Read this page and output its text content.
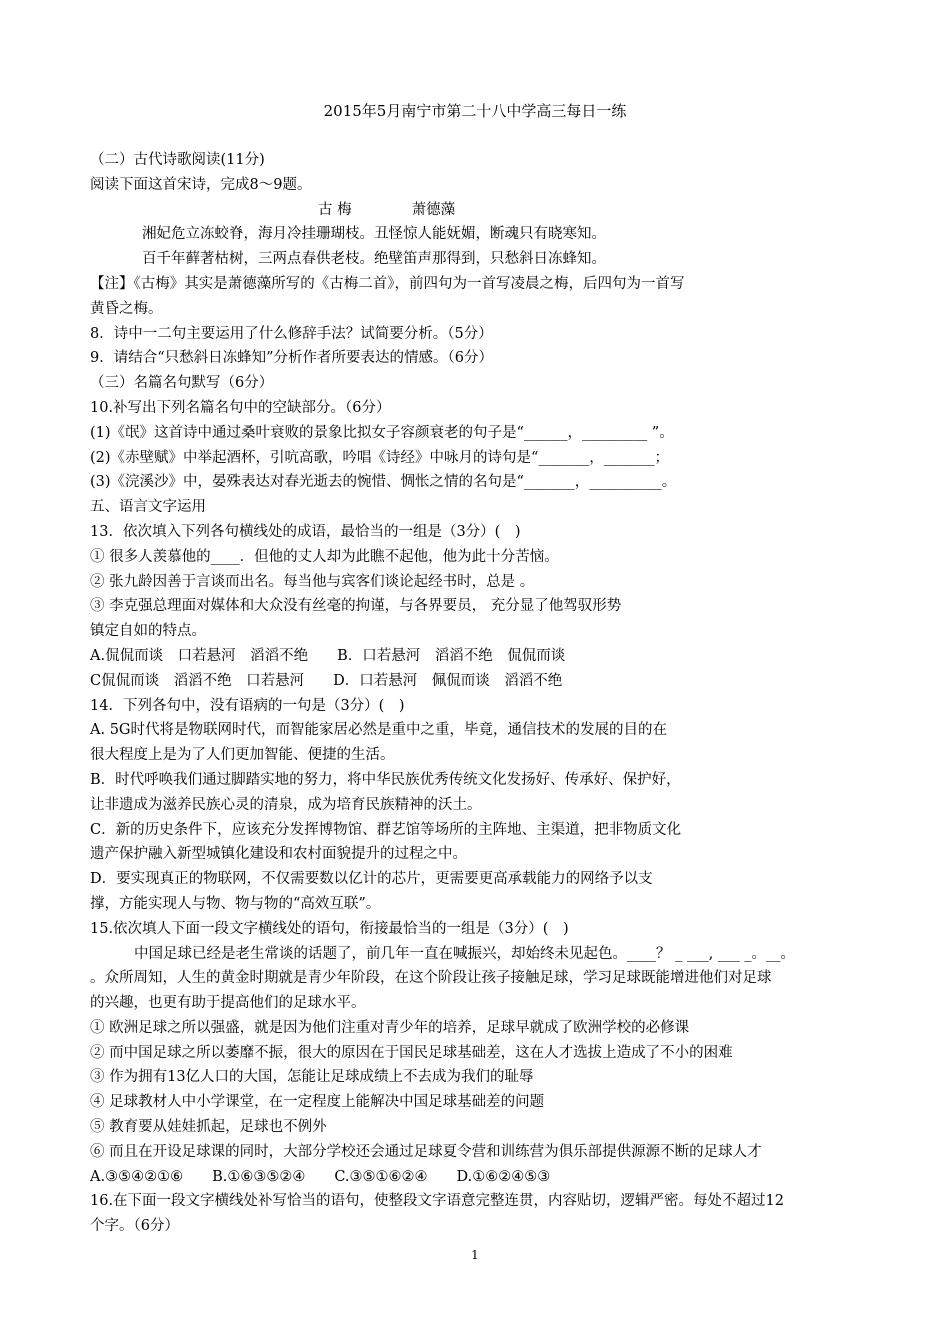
2015年5月南宁市第二十八中学高三每日一练
（二）古代诗歌阅读(11分)
阅读下面这首宋诗，完成8～9题。
古 梅	萧德藻
湘妃危立冻蛟脊，海月冷挂珊瑚枝。丑怪惊人能妩媚，断魂只有晓寒知。
百千年藓著枯树，三两点春供老枝。绝壁笛声那得到，只愁斜日冻蜂知。
【注】《古梅》其实是萧德藻所写的《古梅二首》，前四句为一首写凌晨之梅，后四句为一首写
黄昏之梅。
8．诗中一二句主要运用了什么修辞手法？试简要分析。（5分）
9．请结合“只愁斜日冻蜂知”分析作者所要表达的情感。（6分）
（三）名篇名句默写（6分）
10.补写出下列名篇名句中的空缺部分。（6分）
(1)《氓》这首诗中通过桑叶衰败的景象比拟女子容颜衰老的句子是“______，_________ ”。
(2)《赤壁赋》中举起酒杯，引吭高歌，吟唱《诗经》中咏月的诗句是“_______，_______；
(3)《浣溪沙》中，晏殊表达对春光逝去的惋惜、惆怅之情的名句是“_______，__________。
五、语言文字运用
13．依次填入下列各句横线处的成语，最恰当的一组是（3分）(　)
① 很多人羡慕他的____．但他的丈人却为此瞧不起他，他为此十分苦恼。
② 张九龄因善于言谈而出名。每当他与宾客们谈论起经书时，总是 。
③ 李克强总理面对媒体和大众没有丝毫的拘谨，与各界要员， 充分显了他驾驭形势
镇定自如的特点。
A.侃侃而谈　口若悬河　滔滔不绝　　B．口若悬河　滔滔不绝　侃侃而谈
C侃侃而谈　滔滔不绝　口若悬河　　D．口若悬河　佩侃而谈　滔滔不绝
14．下列各句中，没有语病的一句是（3分）(　)
A. 5G时代将是物联网时代，而智能家居必然是重中之重，毕竟，通信技术的发展的目的在
很大程度上是为了人们更加智能、便捷的生活。
B．时代呼唤我们通过脚踏实地的努力，将中华民族优秀传统文化发扬好、传承好、保护好，
让非遗成为滋养民族心灵的清泉，成为培育民族精神的沃土。
C．新的历史条件下，应该充分发挥博物馆、群艺馆等场所的主阵地、主渠道，把非物质文化
遗产保护融入新型城镇化建设和农村面貌提升的过程之中。
D．要实现真正的物联网，不仅需要数以亿计的芯片，更需要更高承载能力的网络予以支
撑，方能实现人与物、物与物的“高效互联”。
15.依次填人下面一段文字横线处的语句，衔接最恰当的一组是（3分）(　)
中国足球已经是老生常谈的话题了，前几年一直在喊振兴，却始终未见起色。____？ _ ___, ___ _。__。
。众所周知，人生的黄金时期就是青少年阶段，在这个阶段让孩子接触足球，学习足球既能增进他们对足球
的兴趣，也更有助于提高他们的足球水平。
① 欧洲足球之所以强盛，就是因为他们注重对青少年的培养，足球早就成了欧洲学校的必修课
② 而中国足球之所以萎靡不振，很大的原因在于国民足球基础差，这在人才选拔上造成了不小的困难
③ 作为拥有13亿人口的大国，怎能让足球成绩上不去成为我们的耻辱
④ 足球教材人中小学课堂，在一定程度上能解决中国足球基础差的问题
⑤ 教育要从娃娃抓起，足球也不例外
⑥ 而且在开设足球课的同时，大部分学校还会通过足球夏令营和训练营为俱乐部提供源源不断的足球人才
A.③⑤④②①⑥　　B.①⑥③⑤②④　　C.③⑤①⑥②④　　D.①⑥②④⑤③
16.在下面一段文字横线处补写恰当的语句，使整段文字语意完整连贯，内容贴切，逻辑严密。每处不超过12
个字。（6分）
1
